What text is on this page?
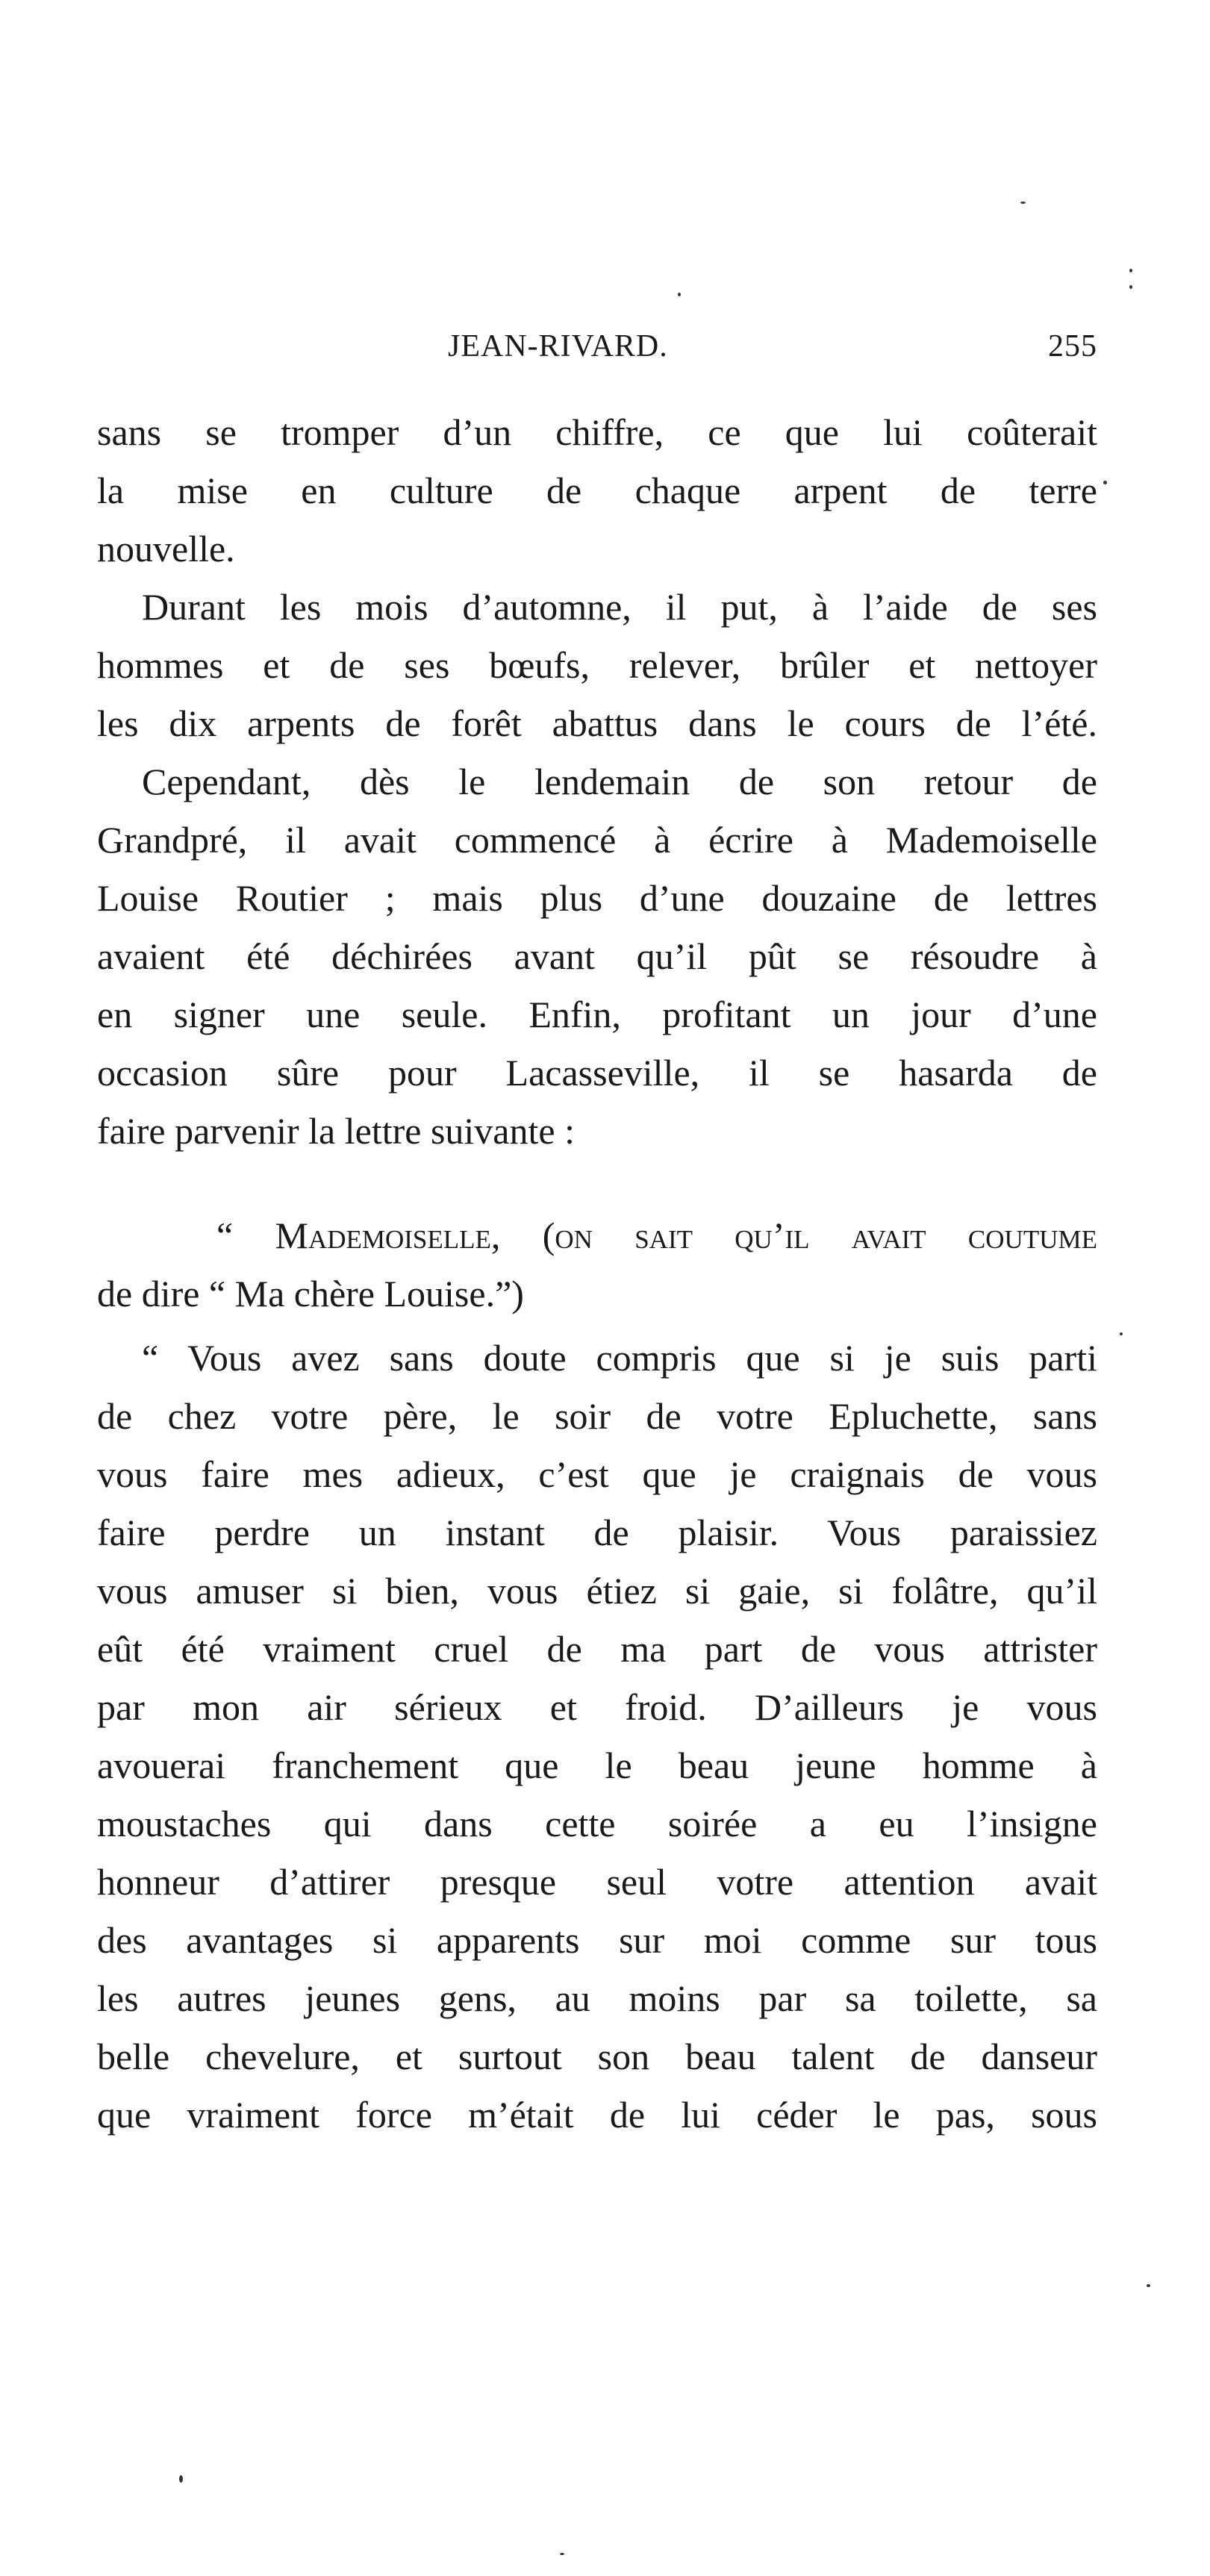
JEAN-RIVARD.	255
sans se tromper d’un chiffre, ce que lui coûterait
la mise en culture de chaque arpent de terre
nouvelle.
Durant les mois d’automne, il put, à l’aide de ses
hommes et de ses bœufs, relever, brûler et nettoyer
les dix arpents de forêt abattus dans le cours de l’été.
Cependant, dès le lendemain de son retour de
Grandpré, il avait commencé à écrire à Mademoiselle
Louise Routier ; mais plus d’une douzaine de lettres
avaient été déchirées avant qu’il pût se résoudre à
en signer une seule. Enfin, profitant un jour d’une
occasion sûre pour Lacasseville, il se hasarda de
faire parvenir la lettre suivante :
“ Mademoiselle, (on sait qu’il avait coutume
de dire “ Ma chère Louise.”)
“ Vous avez sans doute compris que si je suis parti
de chez votre père, le soir de votre Epluchette, sans
vous faire mes adieux, c’est que je craignais de vous
faire perdre un instant de plaisir. Vous paraissiez
vous amuser si bien, vous étiez si gaie, si folâtre, qu’il
eût été vraiment cruel de ma part de vous attrister
par mon air sérieux et froid. D’ailleurs je vous
avouerai franchement que le beau jeune homme à
moustaches qui dans cette soirée a eu l’insigne
honneur d’attirer presque seul votre attention avait
des avantages si apparents sur moi comme sur tous
les autres jeunes gens, au moins par sa toilette, sa
belle chevelure, et surtout son beau talent de danseur
que vraiment force m’était de lui céder le pas, sous
